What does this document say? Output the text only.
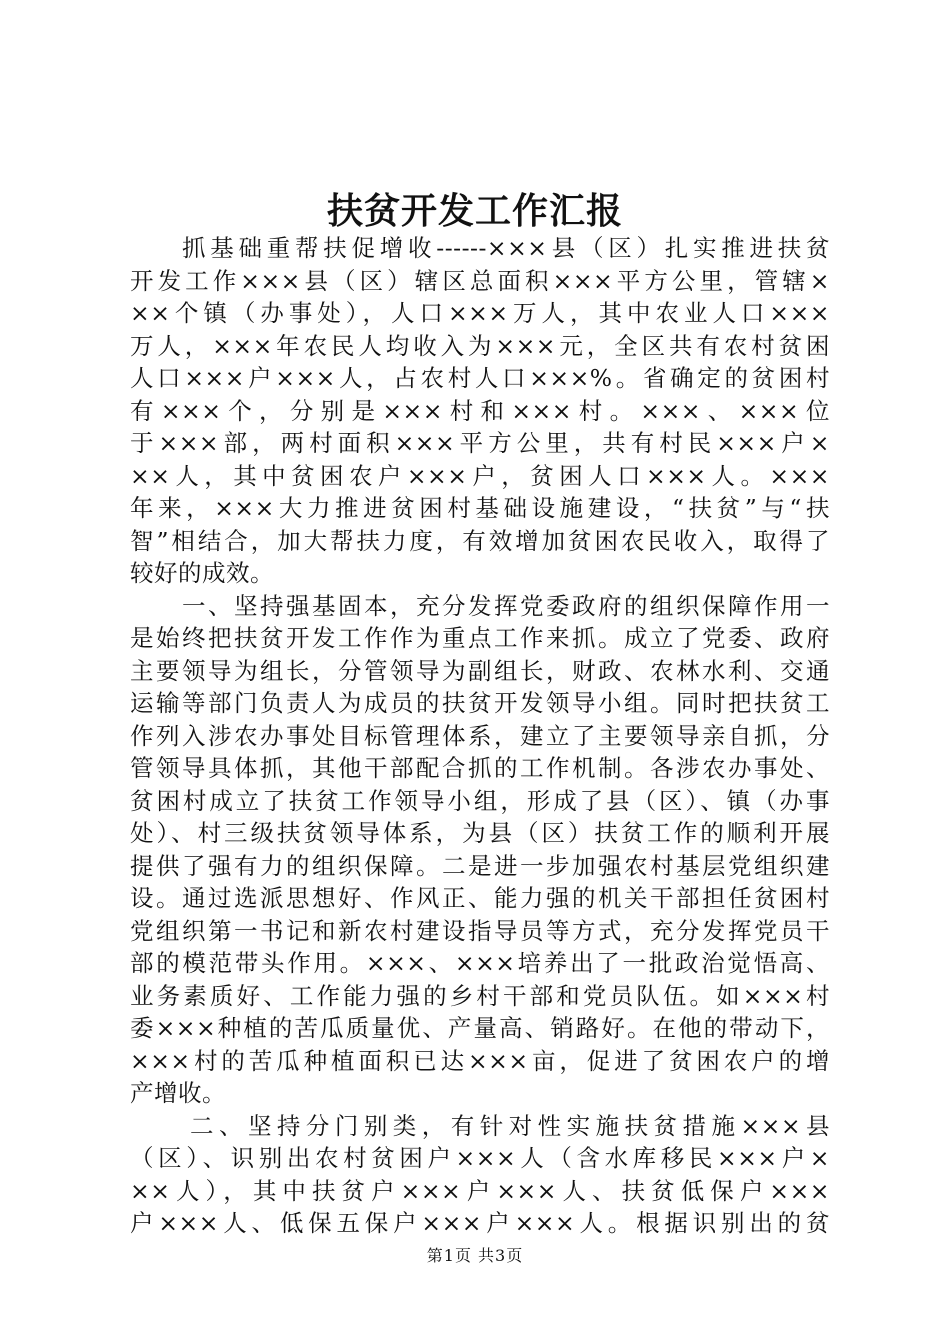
扶贫开发工作汇报
抓基础重帮扶促增收------×××县（区）扎实推进扶贫
开发工作×××县（区）辖区总面积×××平方公里，管辖×
××个镇（办事处），人口×××万人，其中农业人口×××
万人，×××年农民人均收入为×××元，全区共有农村贫困
人口×××户×××人，占农村人口×××%。省确定的贫困村
有×××个，分别是×××村和×××村。×××、×××位
于×××部，两村面积×××平方公里，共有村民×××户×
××人，其中贫困农户×××户，贫困人口×××人。×××
年来，×××大力推进贫困村基础设施建设，“扶贫”与“扶
智”相结合，加大帮扶力度，有效增加贫困农民收入，取得了
较好的成效。
一、坚持强基固本，充分发挥党委政府的组织保障作用一
是始终把扶贫开发工作作为重点工作来抓。成立了党委、政府
主要领导为组长，分管领导为副组长，财政、农林水利、交通
运输等部门负责人为成员的扶贫开发领导小组。同时把扶贫工
作列入涉农办事处目标管理体系，建立了主要领导亲自抓，分
管领导具体抓，其他干部配合抓的工作机制。各涉农办事处、
贫困村成立了扶贫工作领导小组，形成了县（区）、镇（办事
处）、村三级扶贫领导体系，为县（区）扶贫工作的顺利开展
提供了强有力的组织保障。二是进一步加强农村基层党组织建
设。通过选派思想好、作风正、能力强的机关干部担任贫困村
党组织第一书记和新农村建设指导员等方式，充分发挥党员干
部的模范带头作用。×××、×××培养出了一批政治觉悟高、
业务素质好、工作能力强的乡村干部和党员队伍。如×××村
委×××种植的苦瓜质量优、产量高、销路好。在他的带动下，
×××村的苦瓜种植面积已达×××亩，促进了贫困农户的增
产增收。
二、坚持分门别类，有针对性实施扶贫措施×××县
（区）、识别出农村贫困户×××人（含水库移民×××户×
××人），其中扶贫户×××户×××人、扶贫低保户×××
户×××人、低保五保户×××户×××人。根据识别出的贫
第1页 共3页
